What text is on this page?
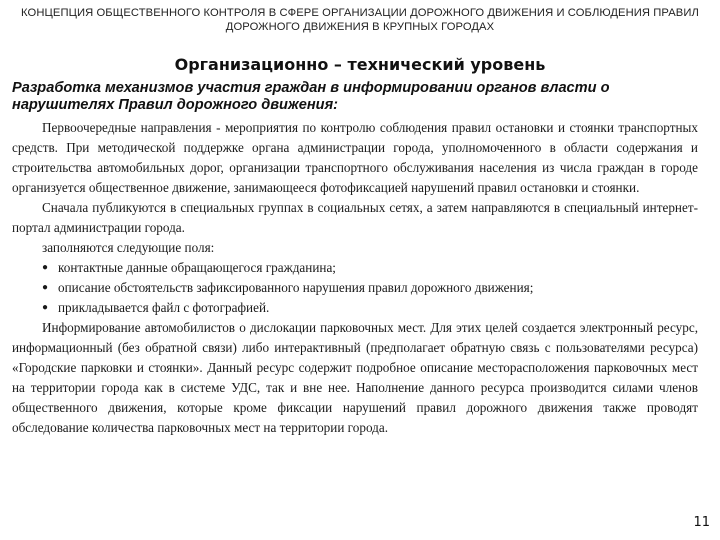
КОНЦЕПЦИЯ ОБЩЕСТВЕННОГО КОНТРОЛЯ В СФЕРЕ ОРГАНИЗАЦИИ ДОРОЖНОГО ДВИЖЕНИЯ И СОБЛЮДЕНИЯ ПРАВИЛ ДОРОЖНОГО ДВИЖЕНИЯ В КРУПНЫХ ГОРОДАХ
Организационно – технический уровень
Разработка механизмов участия граждан в информировании органов власти о нарушителях Правил дорожного движения:

Первоочередные направления - мероприятия по контролю соблюдения правил остановки и стоянки транспортных средств. При методической поддержке органа администрации города, уполномоченного в области содержания и строительства автомобильных дорог, организации транспортного обслуживания населения из числа граждан в городе организуется общественное движение, занимающееся фотофиксацией нарушений правил остановки и стоянки.

Сначала публикуются в специальных группах в социальных сетях, а затем направляются в специальный интернет-портал администрации города.

заполняются следующие поля:

● контактные данные обращающегося гражданина;
● описание обстоятельств зафиксированного нарушения правил дорожного движения;
● прикладывается файл с фотографией.

Информирование автомобилистов о дислокации парковочных мест. Для этих целей создается электронный ресурс, информационный (без обратной связи) либо интерактивный (предполагает обратную связь с пользователями ресурса) «Городские парковки и стоянки». Данный ресурс содержит подробное описание месторасположения парковочных мест на территории города как в системе УДС, так и вне нее. Наполнение данного ресурса производится силами членов общественного движения, которые кроме фиксации нарушений правил дорожного движения также проводят обследование количества парковочных мест на территории города.

11
